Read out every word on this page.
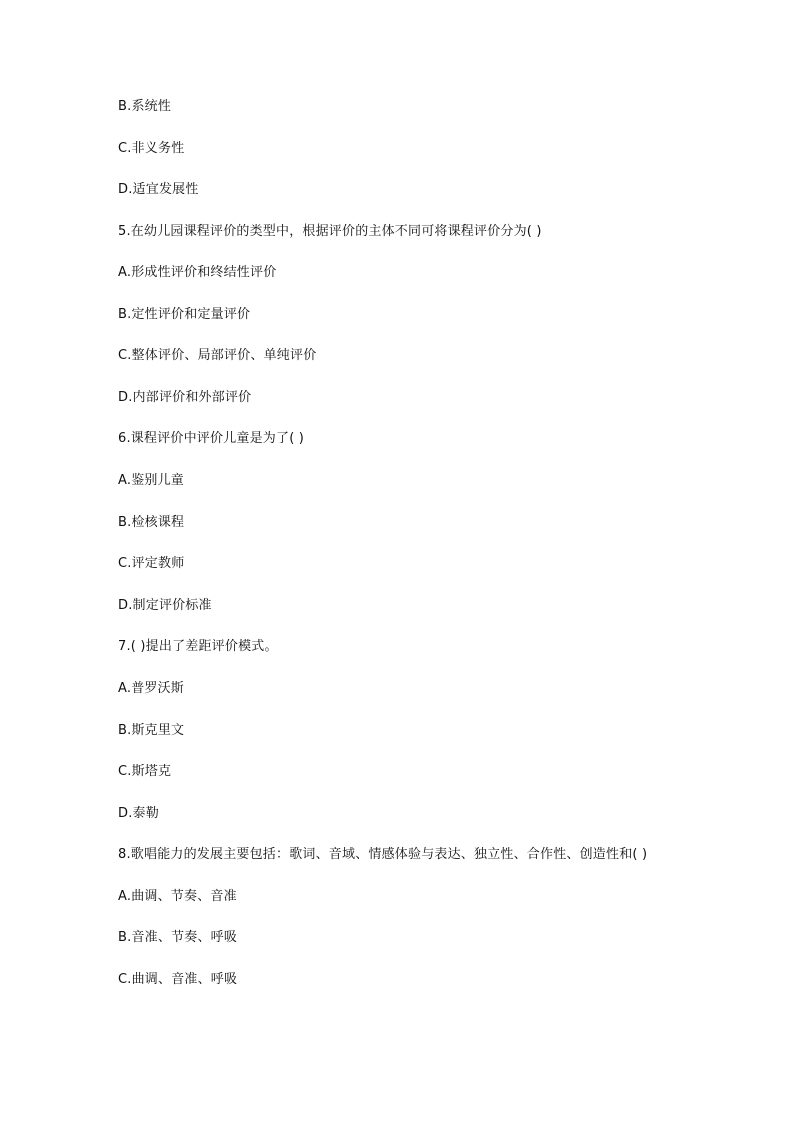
B.系统性
C.非义务性
D.适宜发展性
5.在幼儿园课程评价的类型中，根据评价的主体不同可将课程评价分为( )
A.形成性评价和终结性评价
B.定性评价和定量评价
C.整体评价、局部评价、单纯评价
D.内部评价和外部评价
6.课程评价中评价儿童是为了( )
A.鉴别儿童
B.检核课程
C.评定教师
D.制定评价标准
7.( )提出了差距评价模式。
A.普罗沃斯
B.斯克里文
C.斯塔克
D.泰勒
8.歌唱能力的发展主要包括：歌词、音域、情感体验与表达、独立性、合作性、创造性和( )
A.曲调、节奏、音准
B.音准、节奏、呼吸
C.曲调、音准、呼吸
